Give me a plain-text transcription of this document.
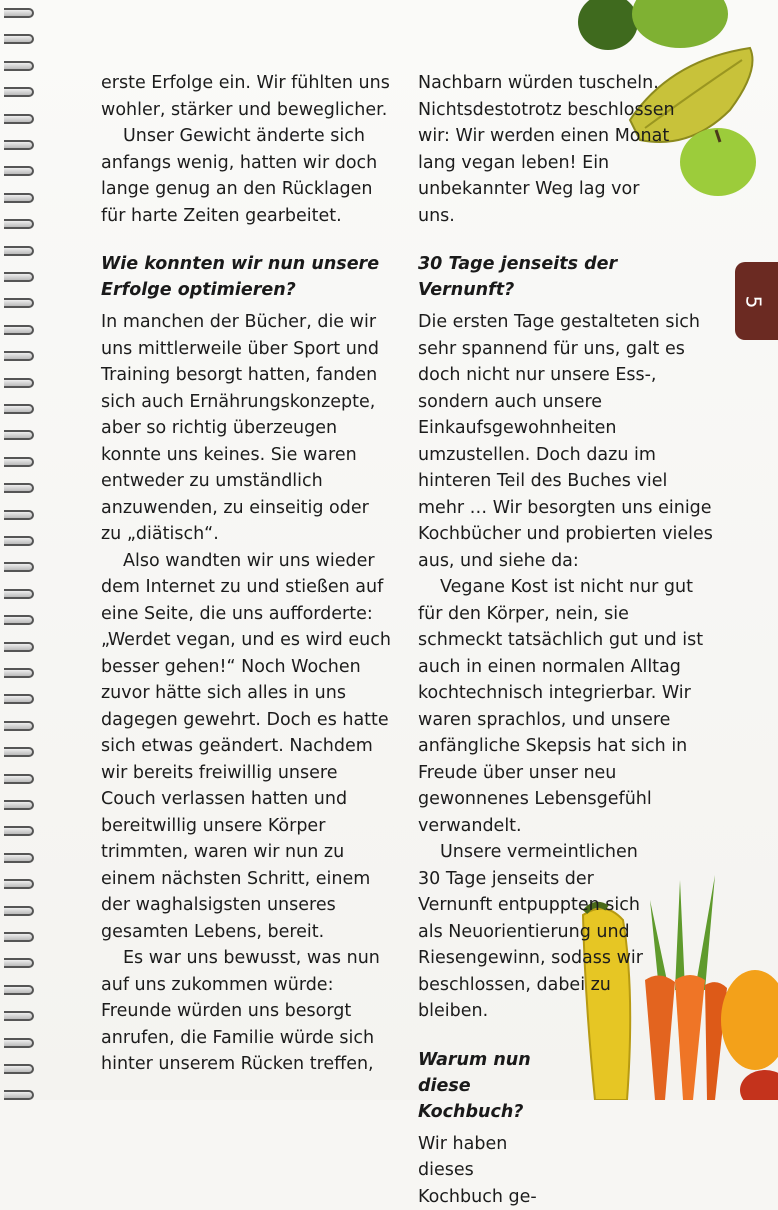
5

erste Erfolge ein. Wir fühlten uns wohler, stärker und beweglicher.

Unser Gewicht änderte sich anfangs wenig, hatten wir doch lange genug an den Rücklagen für harte Zeiten gearbeitet.

Wie konnten wir nun unsere Erfolge optimieren?

In manchen der Bücher, die wir uns mittlerweile über Sport und Training besorgt hatten, fanden sich auch Ernährungskonzepte, aber so richtig überzeugen konnte uns keines. Sie waren entweder zu umständlich anzuwenden, zu einseitig oder zu „diätisch“.

Also wandten wir uns wieder dem Internet zu und stießen auf eine Seite, die uns aufforderte: „Werdet vegan, und es wird euch besser gehen!“ Noch Wochen zuvor hätte sich alles in uns dagegen gewehrt. Doch es hatte sich etwas geändert. Nachdem wir bereits freiwillig unsere Couch verlassen hatten und bereitwillig unsere Körper trimmten, waren wir nun zu einem nächsten Schritt, einem der waghalsigsten unseres gesamten Lebens, bereit.

Es war uns bewusst, was nun auf uns zukommen würde: Freunde würden uns besorgt anrufen, die Familie würde sich hinter unserem Rücken treffen,

Nachbarn würden tuscheln. Nichtsdestotrotz beschlossen wir: Wir werden einen Monat lang vegan leben! Ein unbekannter Weg lag vor uns.

30 Tage jenseits der Vernunft?

Die ersten Tage gestalteten sich sehr spannend für uns, galt es doch nicht nur unsere Ess-, sondern auch unsere Einkaufsgewohnheiten umzustellen. Doch dazu im hinteren Teil des Buches viel mehr … Wir besorgten uns einige Kochbücher und probierten vieles aus, und siehe da:

Vegane Kost ist nicht nur gut für den Körper, nein, sie schmeckt tatsächlich gut und ist auch in einen normalen Alltag kochtechnisch integrierbar. Wir waren sprachlos, und unsere anfängliche Skepsis hat sich in Freude über unser neu gewonnenes Lebensgefühl verwandelt.

Unsere vermeintlichen 30 Tage jenseits der Vernunft entpuppten sich als Neuorientierung und Riesengewinn, sodass wir beschlossen, dabei zu bleiben.

Warum nun diese Kochbuch?

Wir haben dieses Kochbuch ge-
